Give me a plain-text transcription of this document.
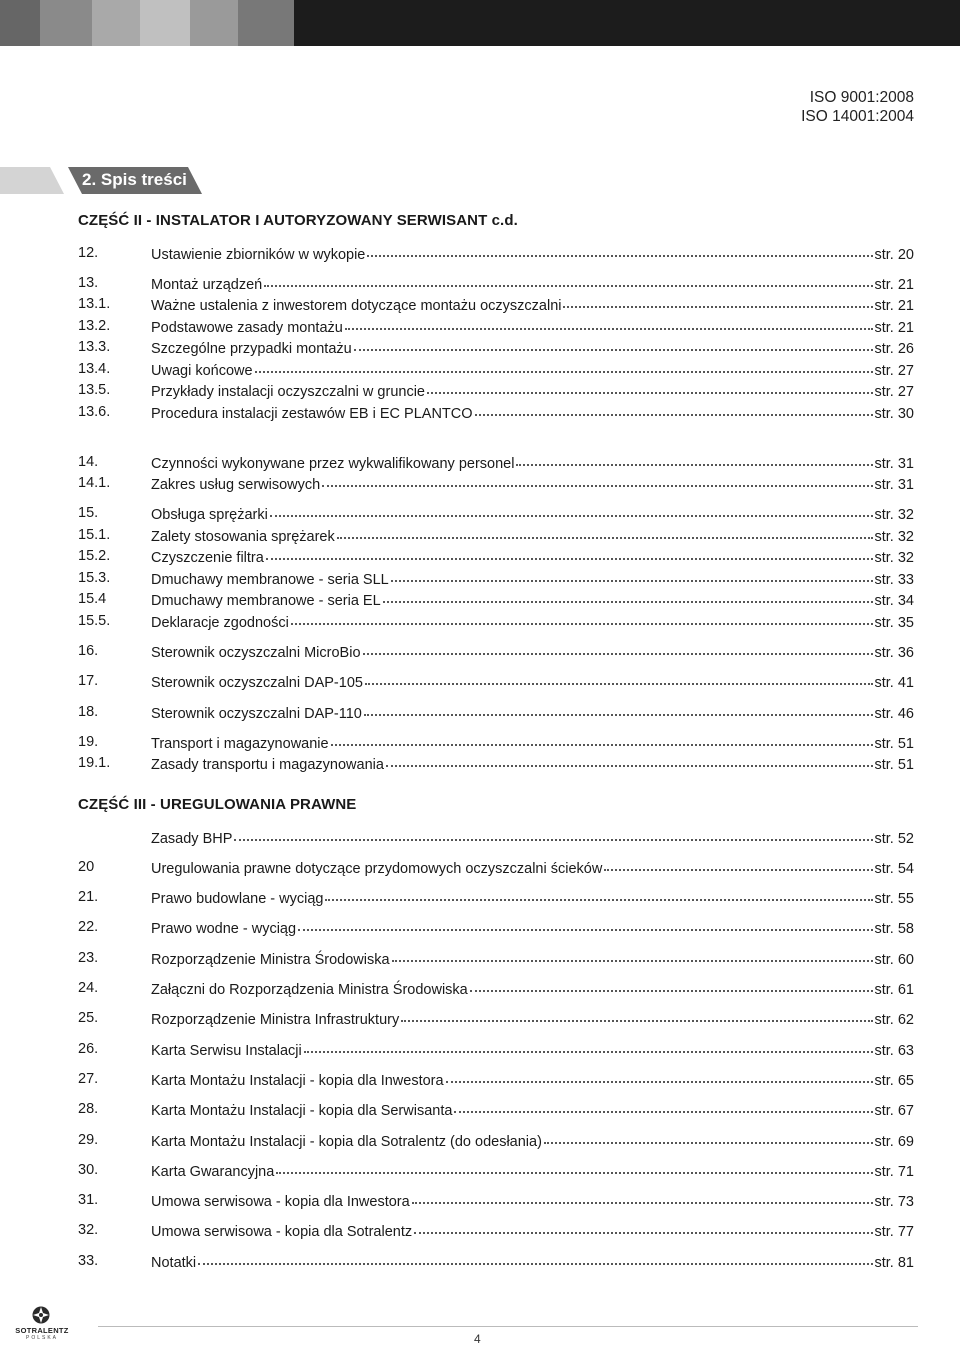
ISO 9001:2008
ISO 14001:2004
2. Spis treści
CZĘŚĆ II - INSTALATOR I AUTORYZOWANY SERWISANT c.d.
12.	Ustawienie zbiorników w wykopie	str. 20
13.	Montaż urządzeń	str. 21
13.1.	Ważne ustalenia z inwestorem dotyczące montażu oczyszczalni	str. 21
13.2.	Podstawowe zasady montażu	str. 21
13.3.	Szczególne przypadki montażu	str. 26
13.4.	Uwagi końcowe	str. 27
13.5.	Przykłady instalacji oczyszczalni w gruncie	str. 27
13.6.	Procedura instalacji zestawów EB i EC PLANTCO	str. 30
14.	Czynności wykonywane przez wykwalifikowany personel	str. 31
14.1.	Zakres usług serwisowych	str. 31
15.	Obsługa sprężarki	str. 32
15.1.	Zalety stosowania sprężarek	str. 32
15.2.	Czyszczenie filtra	str. 32
15.3.	Dmuchawy membranowe - seria SLL	str. 33
15.4	Dmuchawy membranowe - seria EL	str. 34
15.5.	Deklaracje zgodności	str. 35
16.	Sterownik oczyszczalni MicroBio	str. 36
17.	Sterownik oczyszczalni DAP-105	str. 41
18.	Sterownik oczyszczalni DAP-110	str. 46
19.	Transport i magazynowanie	str. 51
19.1.	Zasady transportu i magazynowania	str. 51
CZĘŚĆ III - UREGULOWANIA PRAWNE
Zasady BHP	str. 52
20	Uregulowania prawne dotyczące przydomowych oczyszczalni ścieków	str. 54
21.	Prawo budowlane - wyciąg	str. 55
22.	Prawo wodne - wyciąg	str. 58
23.	Rozporządzenie Ministra Środowiska	str. 60
24.	Załączni do Rozporządzenia Ministra Środowiska	str. 61
25.	Rozporządzenie Ministra Infrastruktury	str. 62
26.	Karta Serwisu Instalacji	str. 63
27.	Karta Montażu Instalacji - kopia dla Inwestora	str. 65
28.	Karta Montażu Instalacji - kopia dla Serwisanta	str. 67
29.	Karta Montażu Instalacji - kopia dla Sotralentz (do odesłania)	str. 69
30.	Karta Gwarancyjna	str. 71
31.	Umowa serwisowa - kopia dla Inwestora	str. 73
32.	Umowa serwisowa - kopia dla Sotralentz	str. 77
33.	Notatki	str. 81
SOTRALENTZ
POLSKA	4
